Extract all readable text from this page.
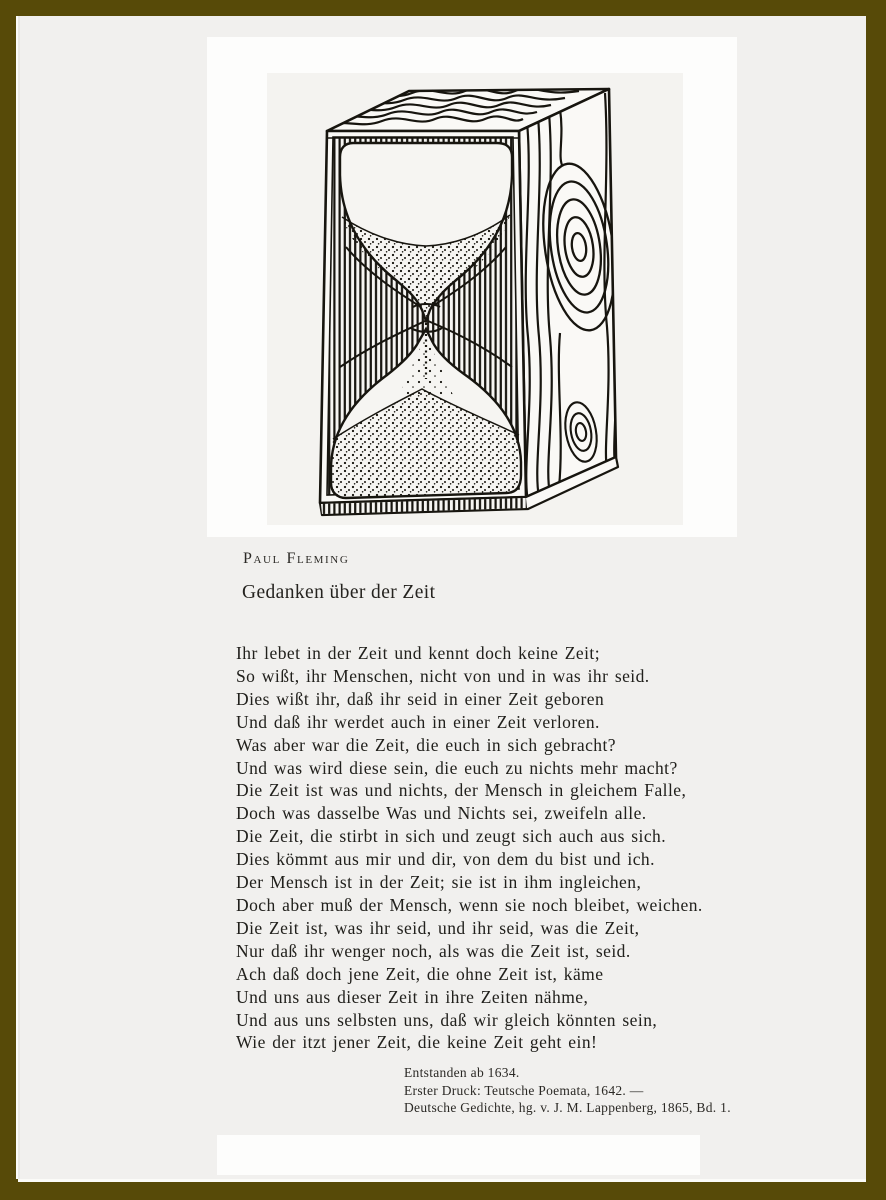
Paul Fleming
Gedanken über der Zeit
Ihr lebet in der Zeit und kennt doch keine Zeit;
So wißt, ihr Menschen, nicht von und in was ihr seid.
Dies wißt ihr, daß ihr seid in einer Zeit geboren
Und daß ihr werdet auch in einer Zeit verloren.
Was aber war die Zeit, die euch in sich gebracht?
Und was wird diese sein, die euch zu nichts mehr macht?
Die Zeit ist was und nichts, der Mensch in gleichem Falle,
Doch was dasselbe Was und Nichts sei, zweifeln alle.
Die Zeit, die stirbt in sich und zeugt sich auch aus sich.
Dies kömmt aus mir und dir, von dem du bist und ich.
Der Mensch ist in der Zeit; sie ist in ihm ingleichen,
Doch aber muß der Mensch, wenn sie noch bleibet, weichen.
Die Zeit ist, was ihr seid, und ihr seid, was die Zeit,
Nur daß ihr wenger noch, als was die Zeit ist, seid.
Ach daß doch jene Zeit, die ohne Zeit ist, käme
Und uns aus dieser Zeit in ihre Zeiten nähme,
Und aus uns selbsten uns, daß wir gleich könnten sein,
Wie der itzt jener Zeit, die keine Zeit geht ein!
Entstanden ab 1634.
Erster Druck: Teutsche Poemata, 1642. —
Deutsche Gedichte, hg. v. J. M. Lappenberg, 1865, Bd. 1.
